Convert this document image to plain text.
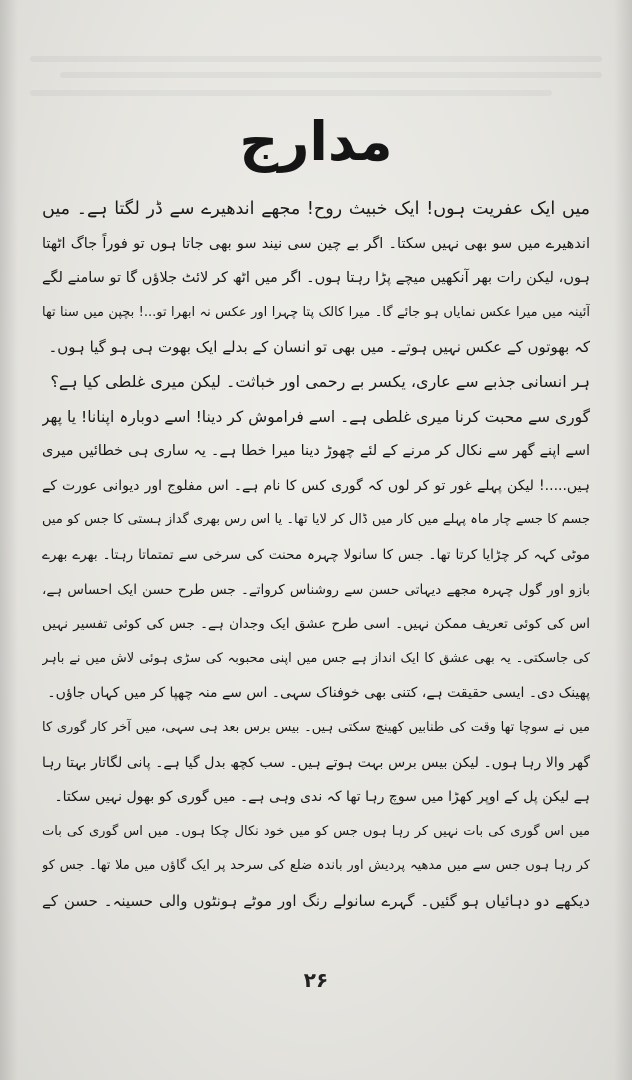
مدارج
میں ایک عفریت ہوں! ایک خبیث روح! مجھے اندھیرے سے ڈر لگتا ہے۔ میں
اندھیرے میں سو بھی نہیں سکتا۔ اگر بے چین سی نیند سو بھی جاتا ہوں تو فوراً جاگ اٹھتا
ہوں، لیکن رات بھر آنکھیں میچے پڑا رہتا ہوں۔ اگر میں اٹھ کر لائٹ جلاؤں گا تو سامنے لگے
آئینہ میں میرا عکس نمایاں ہو جائے گا۔ میرا کالک پتا چہرا اور عکس نہ ابھرا تو...! بچپن میں سنا تھا
کہ بھوتوں کے عکس نہیں ہوتے۔ میں بھی تو انسان کے بدلے ایک بھوت ہی ہو گیا ہوں۔
ہر انسانی جذبے سے عاری، یکسر بے رحمی اور خباثت۔ لیکن میری غلطی کیا ہے؟
گوری سے محبت کرنا میری غلطی ہے۔ اسے فراموش کر دینا! اسے دوبارہ اپنانا! یا پھر
اسے اپنے گھر سے نکال کر مرنے کے لئے چھوڑ دینا میرا خطا ہے۔ یہ ساری ہی خطائیں میری
ہیں.....! لیکن پہلے غور تو کر لوں کہ گوری کس کا نام ہے۔ اس مفلوج اور دیوانی عورت کے
جسم کا جسے چار ماہ پہلے میں کار میں ڈال کر لایا تھا۔ یا اس رس بھری گداز ہستی کا جس کو میں
موٹی کہہ کر چڑایا کرتا تھا۔ جس کا سانولا چہرہ محنت کی سرخی سے تمتماتا رہتا۔ بھرے بھرے
بازو اور گول چہرہ مجھے دیہاتی حسن سے روشناس کرواتے۔ جس طرح حسن ایک احساس ہے،
اس کی کوئی تعریف ممکن نہیں۔ اسی طرح عشق ایک وجدان ہے۔ جس کی کوئی تفسیر نہیں
کی جاسکتی۔ یہ بھی عشق کا ایک انداز ہے جس میں اپنی محبوبہ کی سڑی ہوئی لاش میں نے باہر
پھینک دی۔ ایسی حقیقت ہے، کتنی بھی خوفناک سہی۔ اس سے منہ چھپا کر میں کہاں جاؤں۔
میں نے سوچا تھا وقت کی طنابیں کھینچ سکتی ہیں۔ بیس برس بعد ہی سہی، میں آخر کار گوری کا
گھر والا رہا ہوں۔ لیکن بیس برس بہت ہوتے ہیں۔ سب کچھ بدل گیا ہے۔ پانی لگاتار بہتا رہا
ہے لیکن پل کے اوپر کھڑا میں سوچ رہا تھا کہ ندی وہی ہے۔ میں گوری کو بھول نہیں سکتا۔
میں اس گوری کی بات نہیں کر رہا ہوں جس کو میں خود نکال چکا ہوں۔ میں اس گوری کی بات
کر رہا ہوں جس سے میں مدھیہ پردیش اور باندہ ضلع کی سرحد پر ایک گاؤں میں ملا تھا۔ جس کو
دیکھے دو دہائیاں ہو گئیں۔ گہرے سانولے رنگ اور موٹے ہونٹوں والی حسینہ۔ حسن کے
۲۶
